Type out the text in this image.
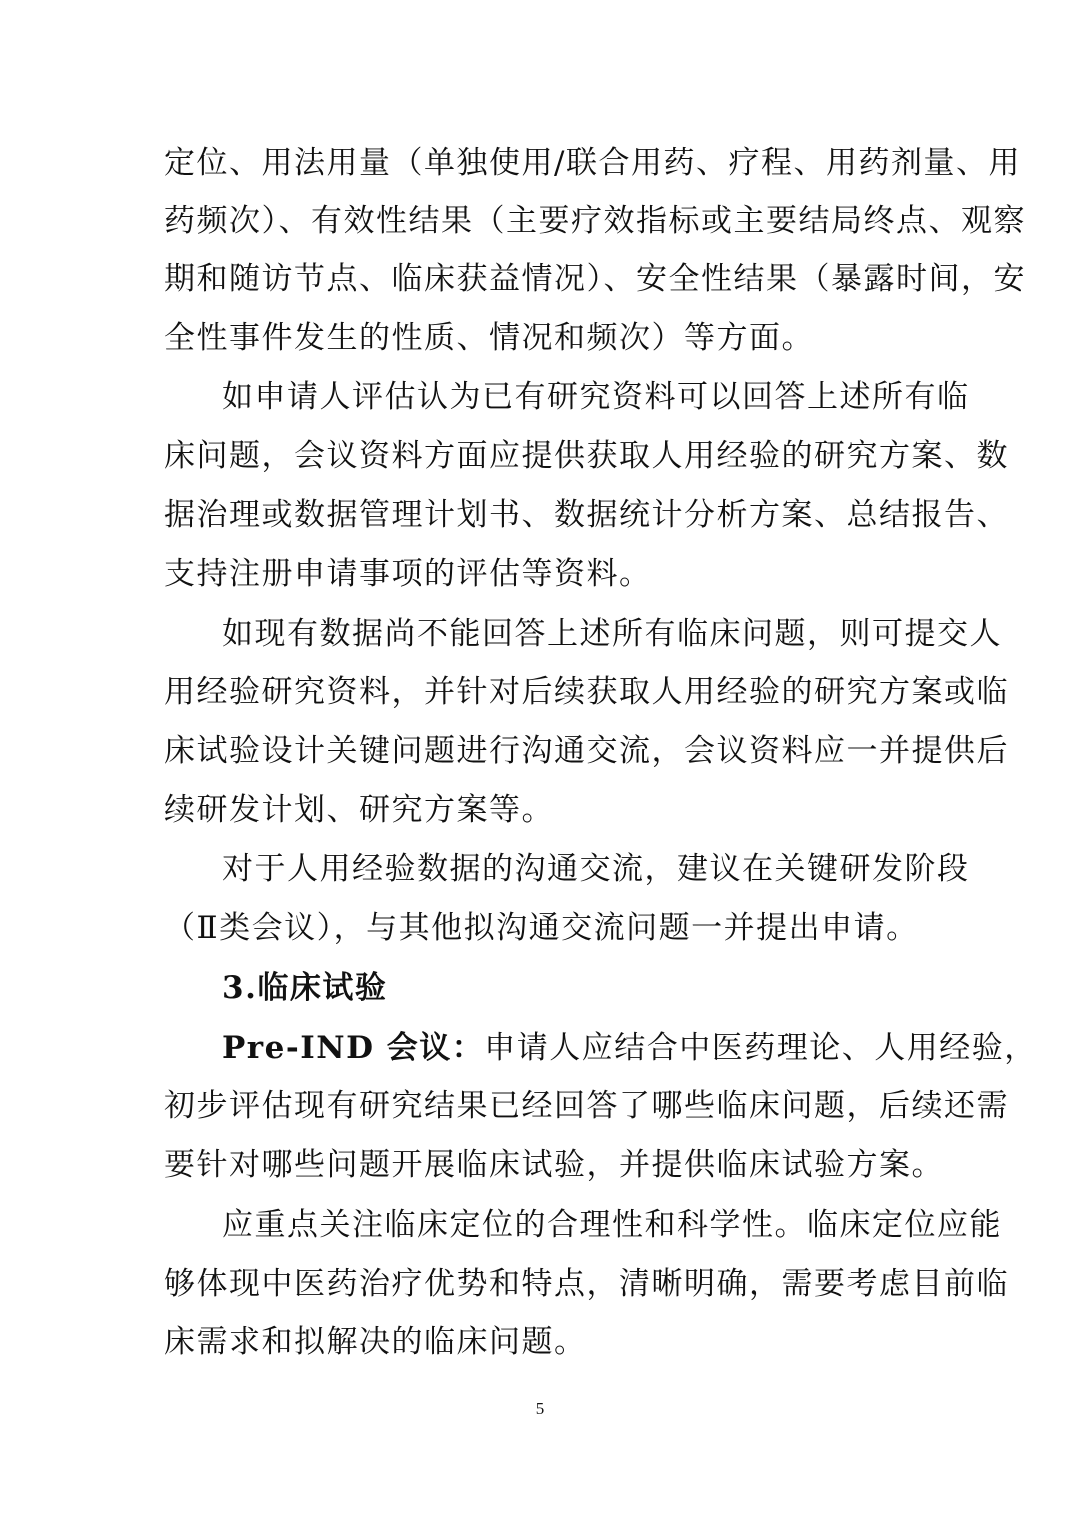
定位、用法用量（单独使用/联合用药、疗程、用药剂量、用
药频次）、有效性结果（主要疗效指标或主要结局终点、观察
期和随访节点、临床获益情况）、安全性结果（暴露时间，安
全性事件发生的性质、情况和频次）等方面。
如申请人评估认为已有研究资料可以回答上述所有临
床问题，会议资料方面应提供获取人用经验的研究方案、数
据治理或数据管理计划书、数据统计分析方案、总结报告、
支持注册申请事项的评估等资料。
如现有数据尚不能回答上述所有临床问题，则可提交人
用经验研究资料，并针对后续获取人用经验的研究方案或临
床试验设计关键问题进行沟通交流，会议资料应一并提供后
续研发计划、研究方案等。
对于人用经验数据的沟通交流，建议在关键研发阶段
（Ⅱ类会议），与其他拟沟通交流问题一并提出申请。
3.临床试验
Pre-IND 会议：申请人应结合中医药理论、人用经验，
初步评估现有研究结果已经回答了哪些临床问题，后续还需
要针对哪些问题开展临床试验，并提供临床试验方案。
应重点关注临床定位的合理性和科学性。临床定位应能
够体现中医药治疗优势和特点，清晰明确，需要考虑目前临
床需求和拟解决的临床问题。
5
